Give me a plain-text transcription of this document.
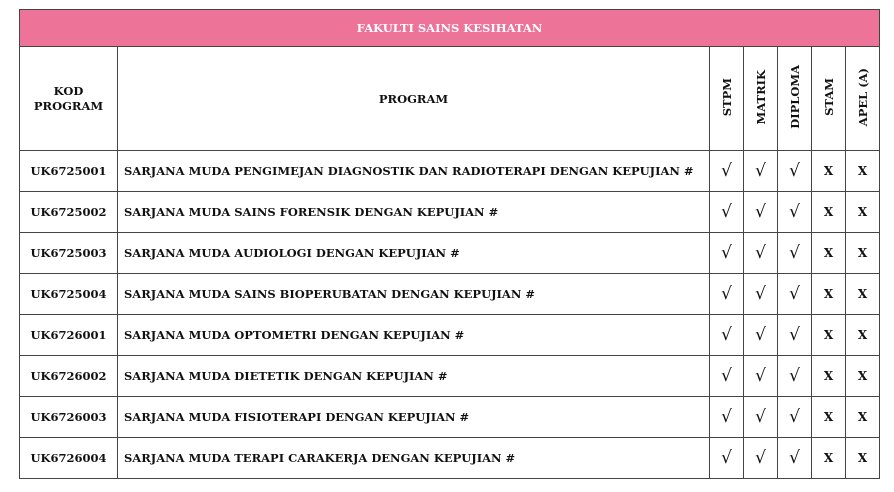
FAKULTI SAINS KESIHATAN						
KOD PROGRAM	PROGRAM	STPM	MATRIK	DIPLOMA	STAM	APEL (A)
UK6725001	SARJANA MUDA PENGIMEJAN DIAGNOSTIK DAN RADIOTERAPI DENGAN KEPUJIAN #	√	√	√	X	X
UK6725002	SARJANA MUDA SAINS FORENSIK DENGAN KEPUJIAN #	√	√	√	X	X
UK6725003	SARJANA MUDA AUDIOLOGI DENGAN KEPUJIAN #	√	√	√	X	X
UK6725004	SARJANA MUDA SAINS BIOPERUBATAN DENGAN KEPUJIAN #	√	√	√	X	X
UK6726001	SARJANA MUDA OPTOMETRI DENGAN KEPUJIAN #	√	√	√	X	X
UK6726002	SARJANA MUDA DIETETIK DENGAN KEPUJIAN #	√	√	√	X	X
UK6726003	SARJANA MUDA FISIOTERAPI DENGAN KEPUJIAN #	√	√	√	X	X
UK6726004	SARJANA MUDA TERAPI CARAKERJA DENGAN KEPUJIAN #	√	√	√	X	X
